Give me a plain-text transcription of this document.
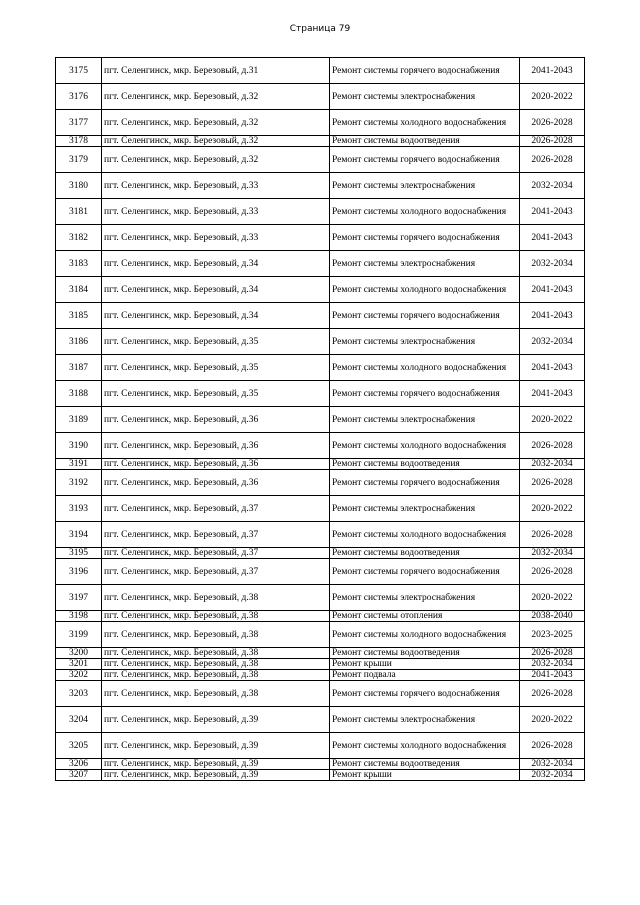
Страница 79
3175	пгт. Селенгинск, мкр. Березовый, д.31	Ремонт системы горячего водоснабжения	2041-2043
3176	пгт. Селенгинск, мкр. Березовый, д.32	Ремонт системы электроснабжения	2020-2022
3177	пгт. Селенгинск, мкр. Березовый, д.32	Ремонт системы холодного водоснабжения	2026-2028
3178	пгт. Селенгинск, мкр. Березовый, д.32	Ремонт системы водоотведения	2026-2028
3179	пгт. Селенгинск, мкр. Березовый, д.32	Ремонт системы горячего водоснабжения	2026-2028
3180	пгт. Селенгинск, мкр. Березовый, д.33	Ремонт системы электроснабжения	2032-2034
3181	пгт. Селенгинск, мкр. Березовый, д.33	Ремонт системы холодного водоснабжения	2041-2043
3182	пгт. Селенгинск, мкр. Березовый, д.33	Ремонт системы горячего водоснабжения	2041-2043
3183	пгт. Селенгинск, мкр. Березовый, д.34	Ремонт системы электроснабжения	2032-2034
3184	пгт. Селенгинск, мкр. Березовый, д.34	Ремонт системы холодного водоснабжения	2041-2043
3185	пгт. Селенгинск, мкр. Березовый, д.34	Ремонт системы горячего водоснабжения	2041-2043
3186	пгт. Селенгинск, мкр. Березовый, д.35	Ремонт системы электроснабжения	2032-2034
3187	пгт. Селенгинск, мкр. Березовый, д.35	Ремонт системы холодного водоснабжения	2041-2043
3188	пгт. Селенгинск, мкр. Березовый, д.35	Ремонт системы горячего водоснабжения	2041-2043
3189	пгт. Селенгинск, мкр. Березовый, д.36	Ремонт системы электроснабжения	2020-2022
3190	пгт. Селенгинск, мкр. Березовый, д.36	Ремонт системы холодного водоснабжения	2026-2028
3191	пгт. Селенгинск, мкр. Березовый, д.36	Ремонт системы водоотведения	2032-2034
3192	пгт. Селенгинск, мкр. Березовый, д.36	Ремонт системы горячего водоснабжения	2026-2028
3193	пгт. Селенгинск, мкр. Березовый, д.37	Ремонт системы электроснабжения	2020-2022
3194	пгт. Селенгинск, мкр. Березовый, д.37	Ремонт системы холодного водоснабжения	2026-2028
3195	пгт. Селенгинск, мкр. Березовый, д.37	Ремонт системы водоотведения	2032-2034
3196	пгт. Селенгинск, мкр. Березовый, д.37	Ремонт системы горячего водоснабжения	2026-2028
3197	пгт. Селенгинск, мкр. Березовый, д.38	Ремонт системы электроснабжения	2020-2022
3198	пгт. Селенгинск, мкр. Березовый, д.38	Ремонт системы отопления	2038-2040
3199	пгт. Селенгинск, мкр. Березовый, д.38	Ремонт системы холодного водоснабжения	2023-2025
3200	пгт. Селенгинск, мкр. Березовый, д.38	Ремонт системы водоотведения	2026-2028
3201	пгт. Селенгинск, мкр. Березовый, д.38	Ремонт крыши	2032-2034
3202	пгт. Селенгинск, мкр. Березовый, д.38	Ремонт подвала	2041-2043
3203	пгт. Селенгинск, мкр. Березовый, д.38	Ремонт системы горячего водоснабжения	2026-2028
3204	пгт. Селенгинск, мкр. Березовый, д.39	Ремонт системы электроснабжения	2020-2022
3205	пгт. Селенгинск, мкр. Березовый, д.39	Ремонт системы холодного водоснабжения	2026-2028
3206	пгт. Селенгинск, мкр. Березовый, д.39	Ремонт системы водоотведения	2032-2034
3207	пгт. Селенгинск, мкр. Березовый, д.39	Ремонт крыши	2032-2034
